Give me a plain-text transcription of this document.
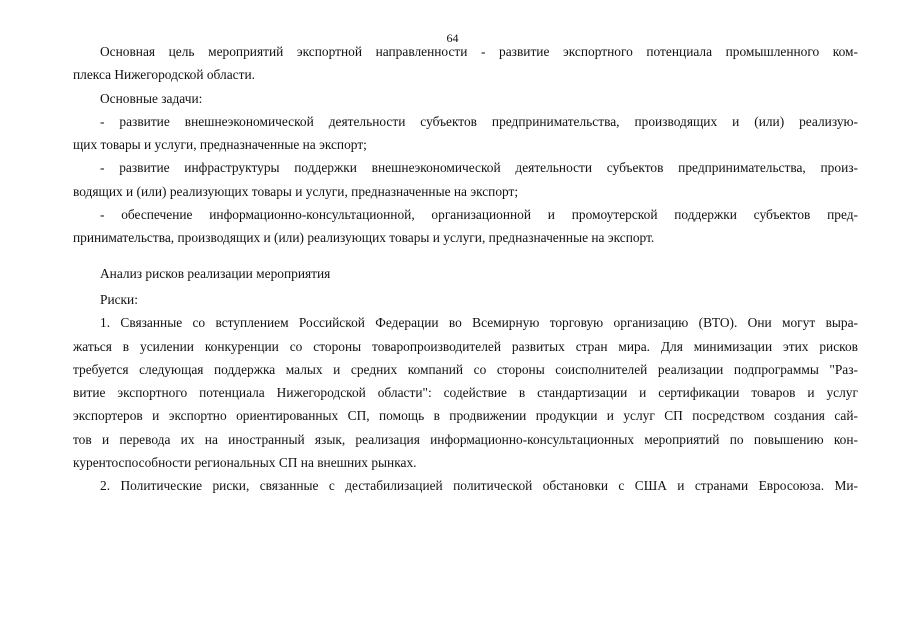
64
Основная цель мероприятий экспортной направленности - развитие экспортного потенциала промышленного ком-
плекса Нижегородской области.
Основные задачи:
- развитие внешнеэкономической деятельности субъектов предпринимательства, производящих и (или) реализую-
щих товары и услуги, предназначенные на экспорт;
- развитие инфраструктуры поддержки внешнеэкономической деятельности субъектов предпринимательства, произ-
водящих и (или) реализующих товары и услуги, предназначенные на экспорт;
- обеспечение информационно-консультационной, организационной и промоутерской поддержки субъектов пред-
принимательства, производящих и (или) реализующих товары и услуги, предназначенные на экспорт.
Анализ рисков реализации мероприятия
Риски:
1. Связанные со вступлением Российской Федерации во Всемирную торговую организацию (ВТО). Они могут выра-
жаться в усилении конкуренции со стороны товаропроизводителей развитых стран мира. Для минимизации этих рисков
требуется следующая поддержка малых и средних компаний со стороны соисполнителей реализации подпрограммы "Раз-
витие экспортного потенциала Нижегородской области": содействие в стандартизации и сертификации товаров и услуг
экспортеров и экспортно ориентированных СП, помощь в продвижении продукции и услуг СП посредством создания сай-
тов и перевода их на иностранный язык, реализация информационно-консультационных мероприятий по повышению кон-
курентоспособности региональных СП на внешних рынках.
2. Политические риски, связанные с дестабилизацией политической обстановки с США и странами Евросоюза. Ми-
